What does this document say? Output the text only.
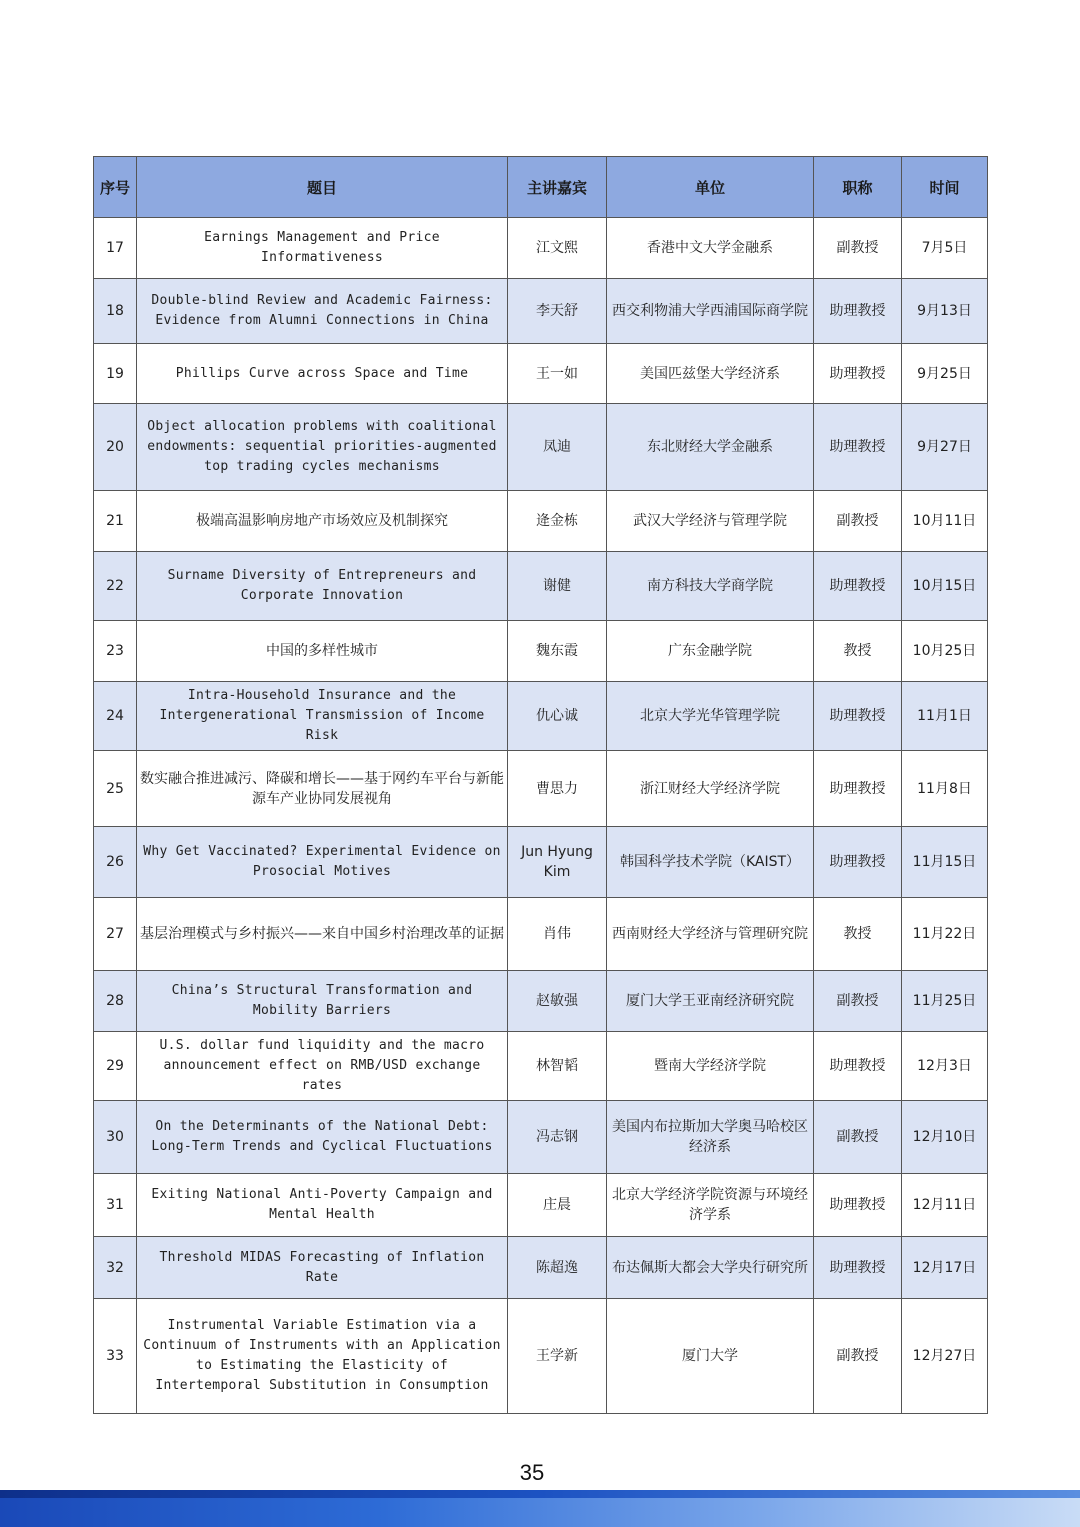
序号	题目	主讲嘉宾	单位	职称	时间
17	Earnings Management and Price Informativeness	江文熙	香港中文大学金融系	副教授	7月5日
18	Double-blind Review and Academic Fairness: Evidence from Alumni Connections in China	李天舒	西交利物浦大学西浦国际商学院	助理教授	9月13日
19	Phillips Curve across Space and Time	王一如	美国匹兹堡大学经济系	助理教授	9月25日
20	Object allocation problems with coalitional endowments: sequential priorities-augmented top trading cycles mechanisms	凤迪	东北财经大学金融系	助理教授	9月27日
21	极端高温影响房地产市场效应及机制探究	逄金栋	武汉大学经济与管理学院	副教授	10月11日
22	Surname Diversity of Entrepreneurs and Corporate Innovation	谢健	南方科技大学商学院	助理教授	10月15日
23	中国的多样性城市	魏东霞	广东金融学院	教授	10月25日
24	Intra-Household Insurance and the Intergenerational Transmission of Income Risk	仇心诚	北京大学光华管理学院	助理教授	11月1日
25	数实融合推进减污、降碳和增长——基于网约车平台与新能源车产业协同发展视角	曹思力	浙江财经大学经济学院	助理教授	11月8日
26	Why Get Vaccinated? Experimental Evidence on Prosocial Motives	Jun Hyung Kim	韩国科学技术学院（KAIST）	助理教授	11月15日
27	基层治理模式与乡村振兴——来自中国乡村治理改革的证据	肖伟	西南财经大学经济与管理研究院	教授	11月22日
28	China’s Structural Transformation and Mobility Barriers	赵敏强	厦门大学王亚南经济研究院	副教授	11月25日
29	U.S. dollar fund liquidity and the macro announcement effect on RMB/USD exchange rates	林智韬	暨南大学经济学院	助理教授	12月3日
30	On the Determinants of the National Debt: Long-Term Trends and Cyclical Fluctuations	冯志钢	美国内布拉斯加大学奥马哈校区经济系	副教授	12月10日
31	Exiting National Anti-Poverty Campaign and Mental Health	庄晨	北京大学经济学院资源与环境经济学系	助理教授	12月11日
32	Threshold MIDAS Forecasting of Inflation Rate	陈超逸	布达佩斯大都会大学央行研究所	助理教授	12月17日
33	Instrumental Variable Estimation via a Continuum of Instruments with an Application to Estimating the Elasticity of Intertemporal Substitution in Consumption	王学新	厦门大学	副教授	12月27日
35
